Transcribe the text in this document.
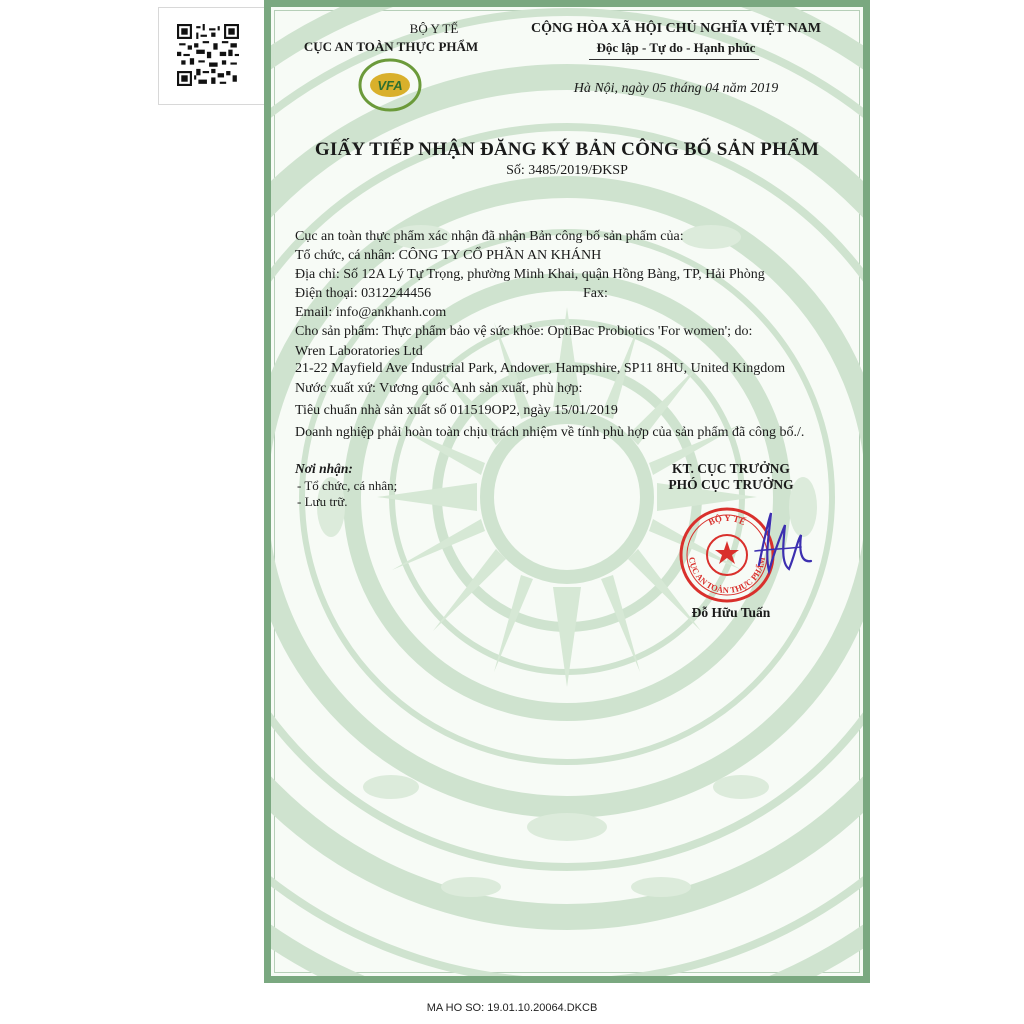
BỘ Y TẾ
CỤC AN TOÀN THỰC PHẨM
VFA
CỘNG HÒA XÃ HỘI CHỦ NGHĨA VIỆT NAM
Độc lập - Tự do - Hạnh phúc
Hà Nội, ngày 05 tháng 04 năm 2019
GIẤY TIẾP NHẬN ĐĂNG KÝ BẢN CÔNG BỐ SẢN PHẨM
Số: 3485/2019/ĐKSP
Cục an toàn thực phẩm xác nhận đã nhận Bản công bố sản phẩm của:
Tổ chức, cá nhân: CÔNG TY CỔ PHẦN AN KHÁNH
Địa chỉ: Số 12A Lý Tự Trọng, phường Minh Khai, quận Hồng Bàng, TP, Hải Phòng
Điện thoại: 0312244456	Fax:
Email: info@ankhanh.com
Cho sản phẩm: Thực phẩm bảo vệ sức khỏe: OptiBac Probiotics 'For women'; do:
Wren Laboratories Ltd
21-22 Mayfield Ave Industrial Park, Andover, Hampshire, SP11 8HU, United Kingdom
Nước xuất xứ: Vương quốc Anh sản xuất, phù hợp:
Tiêu chuẩn nhà sản xuất số 011519OP2, ngày 15/01/2019
Doanh nghiệp phải hoàn toàn chịu trách nhiệm về tính phù hợp của sản phẩm đã công bố./.
Nơi nhận:
- Tổ chức, cá nhân;
- Lưu trữ.
KT. CỤC TRƯỞNG
PHÓ CỤC TRƯỞNG
BỘ Y TẾ
CỤC AN TOÀN THỰC PHẨM
Đỗ Hữu Tuấn
MA HO SO: 19.01.10.20064.DKCB
